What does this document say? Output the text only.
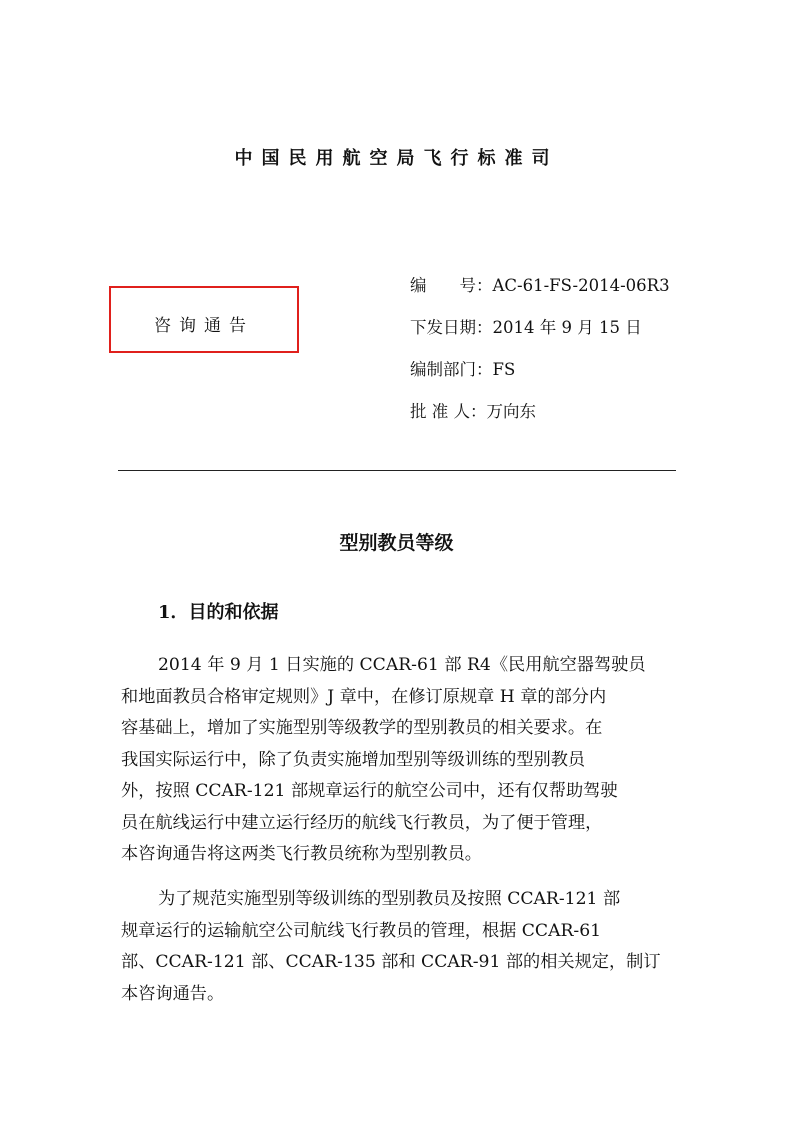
中国民用航空局飞行标准司
咨询通告
编　　号：AC-61-FS-2014-06R3
下发日期：2014 年 9 月 15 日
编制部门：FS
批 准 人：万向东
型别教员等级
1．目的和依据
2014 年 9 月 1 日实施的 CCAR-61 部 R4《民用航空器驾驶员
和地面教员合格审定规则》J 章中，在修订原规章 H 章的部分内
容基础上，增加了实施型别等级教学的型别教员的相关要求。在
我国实际运行中，除了负责实施增加型别等级训练的型别教员
外，按照 CCAR-121 部规章运行的航空公司中，还有仅帮助驾驶
员在航线运行中建立运行经历的航线飞行教员，为了便于管理，
本咨询通告将这两类飞行教员统称为型别教员。
为了规范实施型别等级训练的型别教员及按照 CCAR-121 部
规章运行的运输航空公司航线飞行教员的管理，根据 CCAR-61
部、CCAR-121 部、CCAR-135 部和 CCAR-91 部的相关规定，制订
本咨询通告。
